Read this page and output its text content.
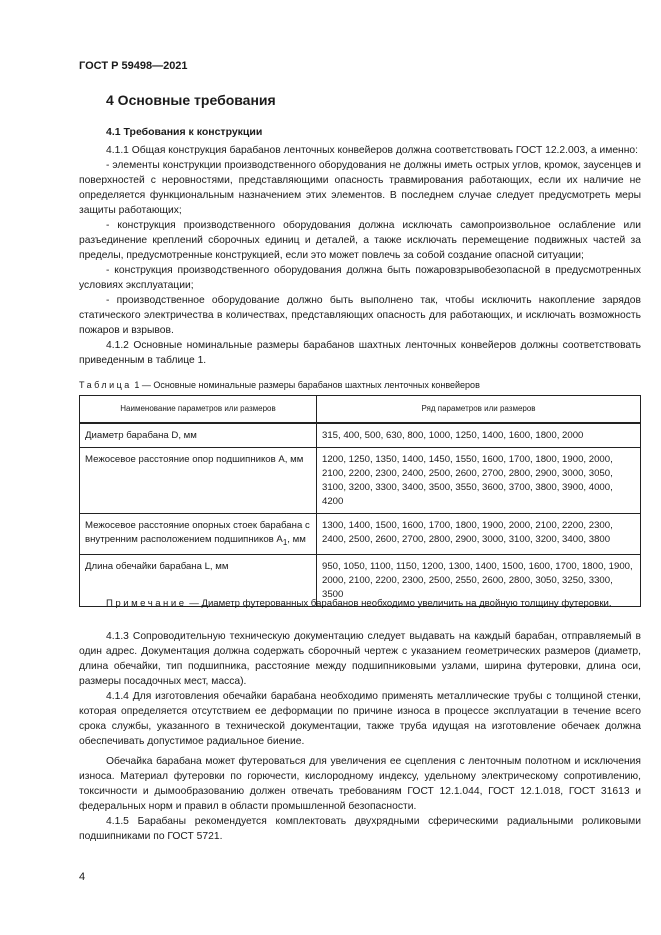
ГОСТ Р 59498—2021
4 Основные требования
4.1 Требования к конструкции

4.1.1 Общая конструкция барабанов ленточных конвейеров должна соответствовать ГОСТ 12.2.003, а именно:

- элементы конструкции производственного оборудования не должны иметь острых углов, кромок, заусенцев и поверхностей с неровностями, представляющими опасность травмирования работающих, если их наличие не определяется функциональным назначением этих элементов. В последнем случае следует предусмотреть меры защиты работающих;

- конструкция производственного оборудования должна исключать самопроизвольное ослабление или разъединение креплений сборочных единиц и деталей, а также исключать перемещение подвижных частей за пределы, предусмотренные конструкцией, если это может повлечь за собой создание опасной ситуации;

- конструкция производственного оборудования должна быть пожаровзрывобезопасной в предусмотренных условиях эксплуатации;

- производственное оборудование должно быть выполнено так, чтобы исключить накопление зарядов статического электричества в количествах, представляющих опасность для работающих, и исключать возможность пожаров и взрывов.

4.1.2 Основные номинальные размеры барабанов шахтных ленточных конвейеров должны соответствовать приведенным в таблице 1.

Таблица 1 — Основные номинальные размеры барабанов шахтных ленточных конвейеров
Наименование параметров или размеров	Ряд параметров или размеров
Диаметр барабана D, мм	315, 400, 500, 630, 800, 1000, 1250, 1400, 1600, 1800, 2000
Межосевое расстояние опор подшипников А, мм	1200, 1250, 1350, 1400, 1450, 1550, 1600, 1700, 1800, 1900, 2000, 2100, 2200, 2300, 2400, 2500, 2600, 2700, 2800, 2900, 3000, 3050, 3100, 3200, 3300, 3400, 3500, 3550, 3600, 3700, 3800, 3900, 4000, 4200
Межосевое расстояние опорных стоек барабана с внутренним расположением подшипников $А_1$, мм	1300, 1400, 1500, 1600, 1700, 1800, 1900, 2000, 2100, 2200, 2300, 2400, 2500, 2600, 2700, 2800, 2900, 3000, 3100, 3200, 3400, 3800
Длина обечайки барабана L, мм	950, 1050, 1100, 1150, 1200, 1300, 1400, 1500, 1600, 1700, 1800, 1900, 2000, 2100, 2200, 2300, 2500, 2550, 2600, 2800, 3050, 3250, 3300, 3500
Примечание — Диаметр футерованных барабанов необходимо увеличить на двойную толщину футеровки.

4.1.3 Сопроводительную техническую документацию следует выдавать на каждый барабан, отправляемый в один адрес. Документация должна содержать сборочный чертеж с указанием геометрических размеров (диаметр, длина обечайки, тип подшипника, расстояние между подшипниковыми узлами, ширина футеровки, длина оси, размеры посадочных мест, масса).

4.1.4 Для изготовления обечайки барабана необходимо применять металлические трубы с толщиной стенки, которая определяется отсутствием ее деформации по причине износа в процессе эксплуатации в течение всего срока службы, указанного в технической документации, также труба идущая на изготовление обечаек должна обеспечивать допустимое радиальное биение.

Обечайка барабана может футероваться для увеличения ее сцепления с ленточным полотном и исключения износа. Материал футеровки по горючести, кислородному индексу, удельному электрическому сопротивлению, токсичности и дымообразованию должен отвечать требованиям ГОСТ 12.1.044, ГОСТ 12.1.018, ГОСТ 31613 и федеральных норм и правил в области промышленной безопасности.

4.1.5 Барабаны рекомендуется комплектовать двухрядными сферическими радиальными роликовыми подшипниками по ГОСТ 5721.

4
